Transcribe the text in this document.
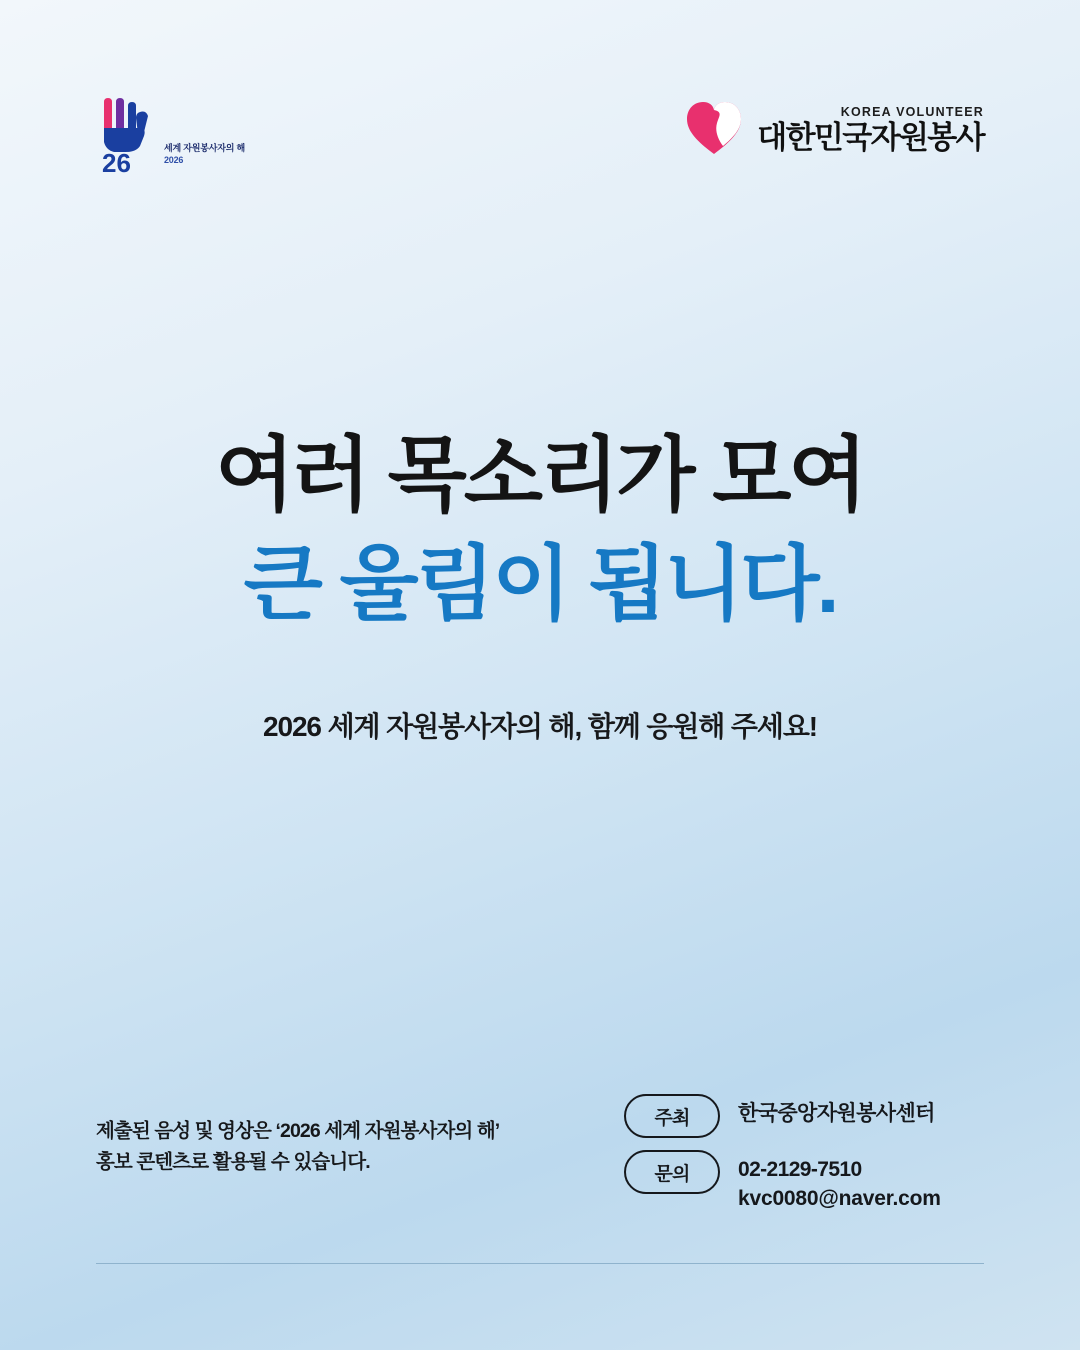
26
세계 자원봉사자의 해
2026
KOREA VOLUNTEER
대한민국자원봉사
여러 목소리가 모여
큰 울림이 됩니다.
2026 세계 자원봉사자의 해, 함께 응원해 주세요!
제출된 음성 및 영상은 ‘2026 세계 자원봉사자의 해’
홍보 콘텐츠로 활용될 수 있습니다.
주최	한국중앙자원봉사센터
문의	02-2129-7510
kvc0080@naver.com
